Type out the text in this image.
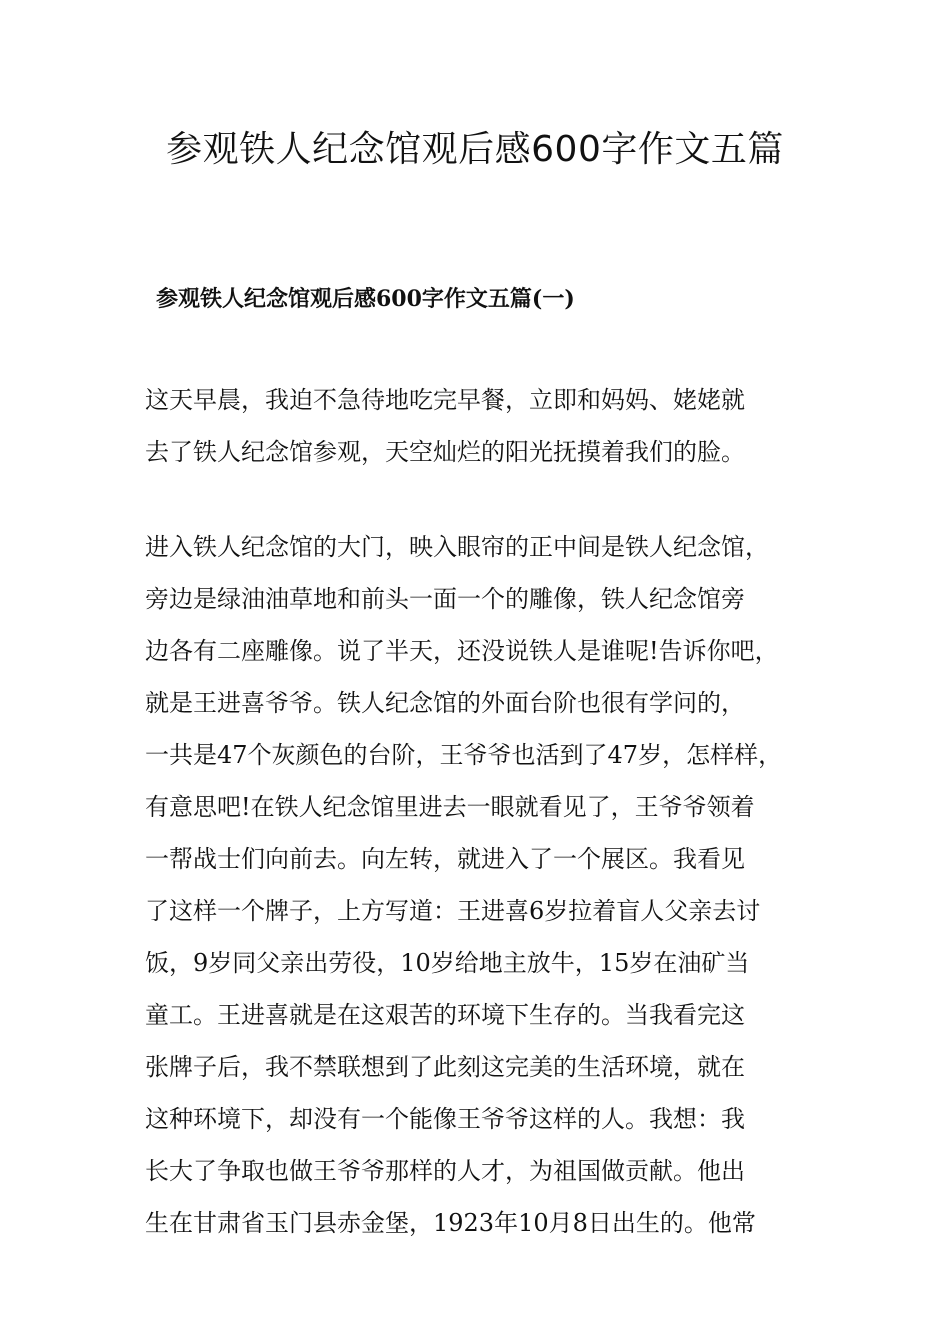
参观铁人纪念馆观后感600字作文五篇
参观铁人纪念馆观后感600字作文五篇(一)

这天早晨，我迫不急待地吃完早餐，立即和妈妈、姥姥就
去了铁人纪念馆参观，天空灿烂的阳光抚摸着我们的脸。

进入铁人纪念馆的大门，映入眼帘的正中间是铁人纪念馆，
旁边是绿油油草地和前头一面一个的雕像，铁人纪念馆旁
边各有二座雕像。说了半天，还没说铁人是谁呢!告诉你吧，
就是王进喜爷爷。铁人纪念馆的外面台阶也很有学问的，
一共是47个灰颜色的台阶，王爷爷也活到了47岁，怎样样，
有意思吧!在铁人纪念馆里进去一眼就看见了，王爷爷领着
一帮战士们向前去。向左转，就进入了一个展区。我看见
了这样一个牌子，上方写道：王进喜6岁拉着盲人父亲去讨
饭，9岁同父亲出劳役，10岁给地主放牛，15岁在油矿当
童工。王进喜就是在这艰苦的环境下生存的。当我看完这
张牌子后，我不禁联想到了此刻这完美的生活环境，就在
这种环境下，却没有一个能像王爷爷这样的人。我想：我
长大了争取也做王爷爷那样的人才，为祖国做贡献。他出
生在甘肃省玉门县赤金堡，1923年10月8日出生的。他常
